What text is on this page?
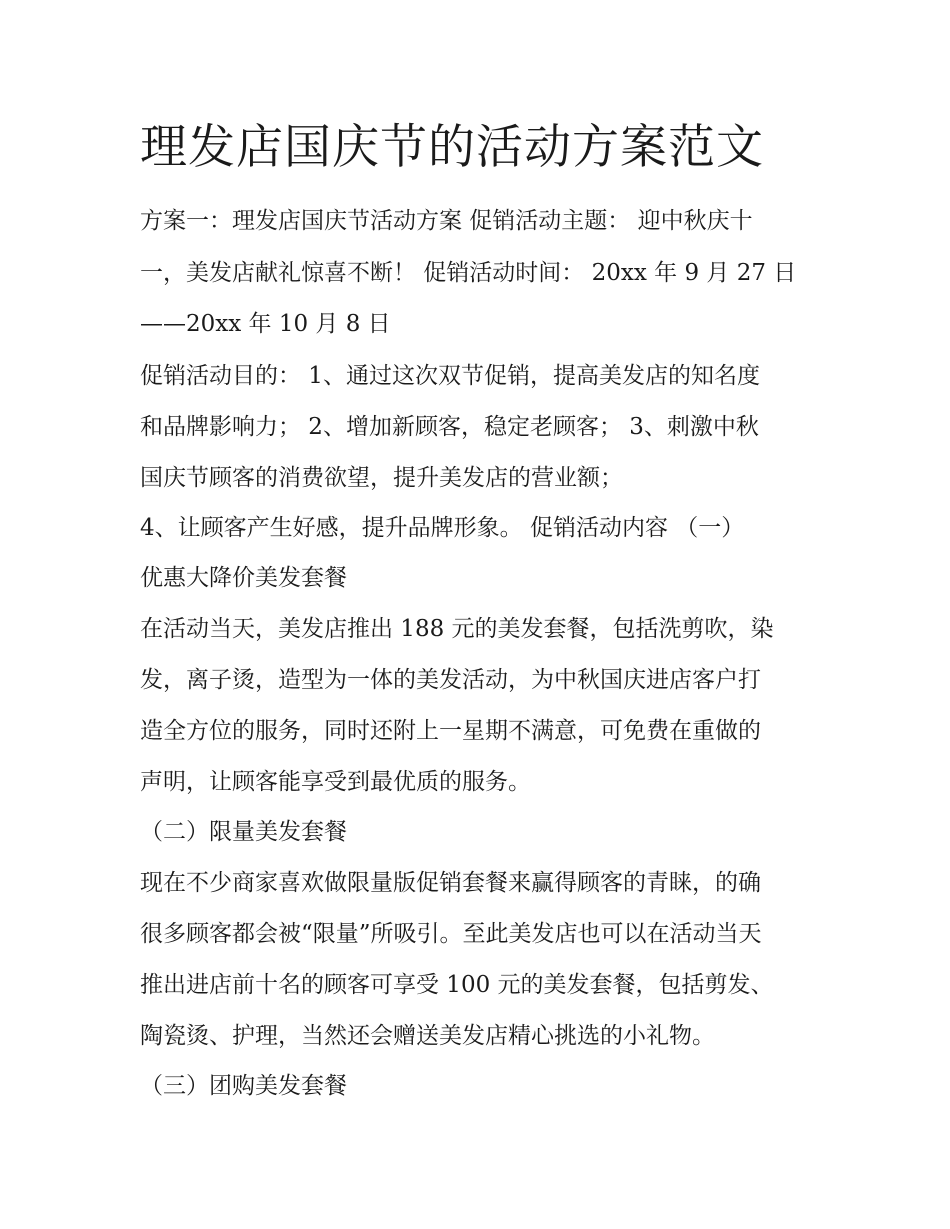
理发店国庆节的活动方案范文

方案一：理发店国庆节活动方案 促销活动主题： 迎中秋庆十

一，美发店献礼惊喜不断！ 促销活动时间： 20xx 年 9 月 27 日

——20xx 年 10 月 8 日

促销活动目的： 1、通过这次双节促销，提高美发店的知名度

和品牌影响力； 2、增加新顾客，稳定老顾客； 3、刺激中秋

国庆节顾客的消费欲望，提升美发店的营业额；

4、让顾客产生好感，提升品牌形象。 促销活动内容 （一）

优惠大降价美发套餐

在活动当天，美发店推出 188 元的美发套餐，包括洗剪吹，染

发，离子烫，造型为一体的美发活动，为中秋国庆进店客户打

造全方位的服务，同时还附上一星期不满意，可免费在重做的

声明，让顾客能享受到最优质的服务。

（二）限量美发套餐

现在不少商家喜欢做限量版促销套餐来赢得顾客的青睐，的确

很多顾客都会被“限量”所吸引。至此美发店也可以在活动当天

推出进店前十名的顾客可享受 100 元的美发套餐，包括剪发、

陶瓷烫、护理，当然还会赠送美发店精心挑选的小礼物。

（三）团购美发套餐
